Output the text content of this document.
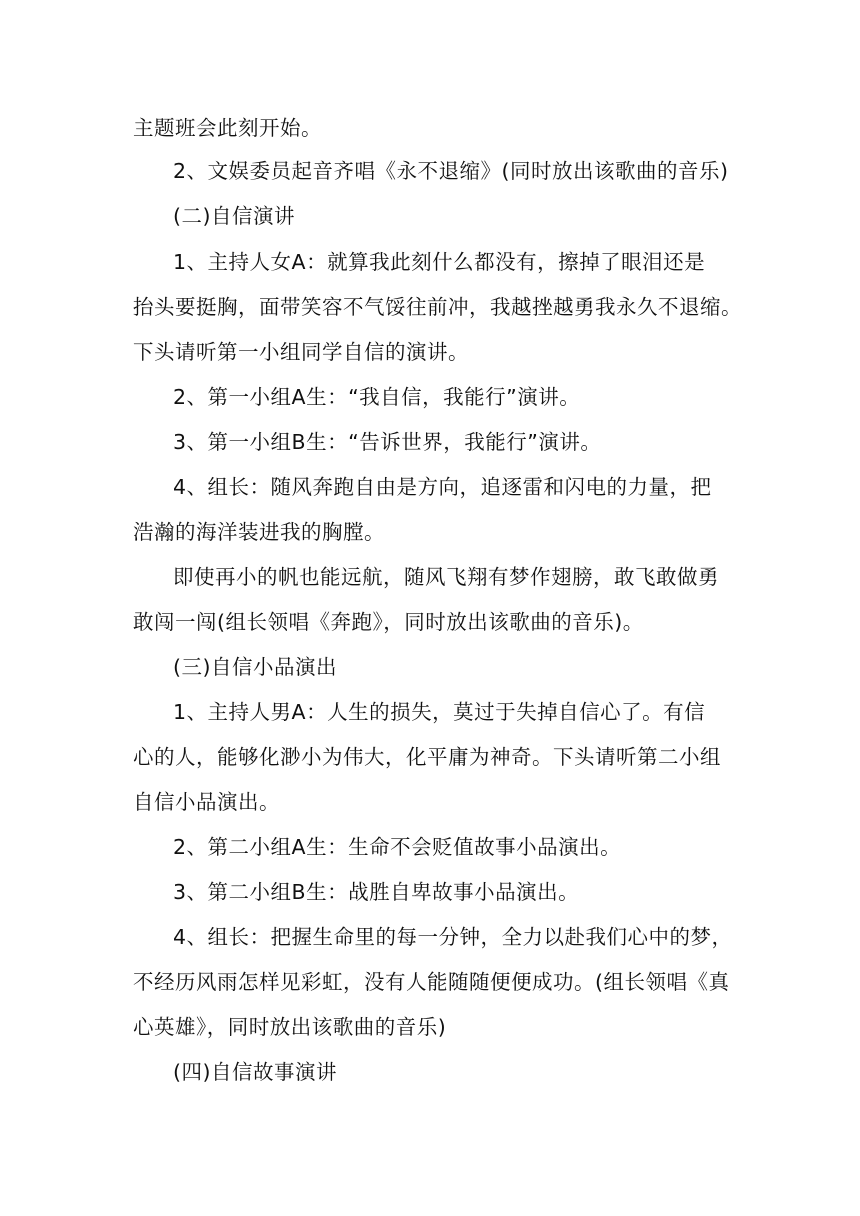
主题班会此刻开始。
2、文娱委员起音齐唱《永不退缩》(同时放出该歌曲的音乐)
(二)自信演讲
1、主持人女A：就算我此刻什么都没有，擦掉了眼泪还是
抬头要挺胸，面带笑容不气馁往前冲，我越挫越勇我永久不退缩。
下头请听第一小组同学自信的演讲。
2、第一小组A生：“我自信，我能行”演讲。
3、第一小组B生：“告诉世界，我能行”演讲。
4、组长：随风奔跑自由是方向，追逐雷和闪电的力量，把
浩瀚的海洋装进我的胸膛。
即使再小的帆也能远航，随风飞翔有梦作翅膀，敢飞敢做勇
敢闯一闯(组长领唱《奔跑》，同时放出该歌曲的音乐)。
(三)自信小品演出
1、主持人男A：人生的损失，莫过于失掉自信心了。有信
心的人，能够化渺小为伟大，化平庸为神奇。下头请听第二小组
自信小品演出。
2、第二小组A生：生命不会贬值故事小品演出。
3、第二小组B生：战胜自卑故事小品演出。
4、组长：把握生命里的每一分钟，全力以赴我们心中的梦，
不经历风雨怎样见彩虹，没有人能随随便便成功。(组长领唱《真
心英雄》，同时放出该歌曲的音乐)
(四)自信故事演讲
